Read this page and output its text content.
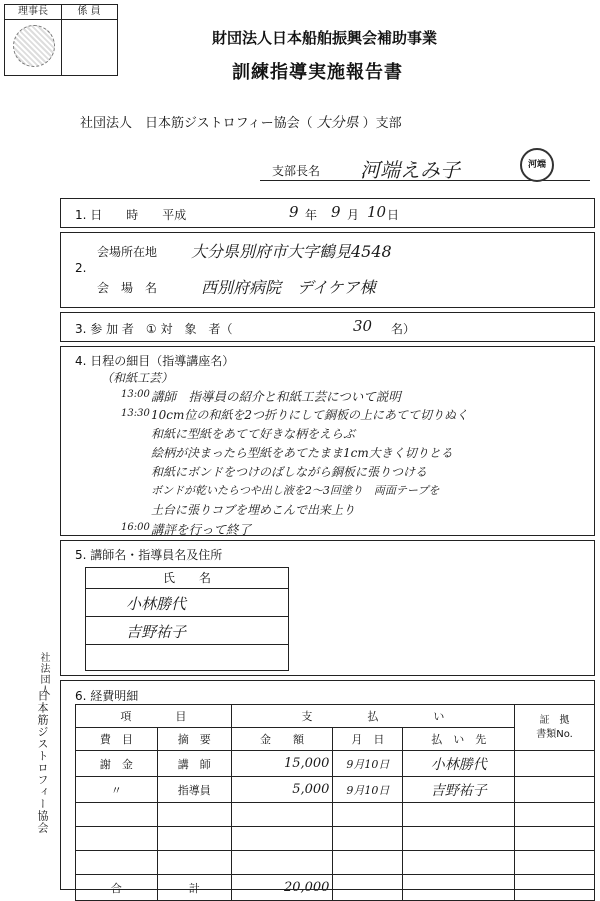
理事長	係 員
財団法人日本船舶振興会補助事業
訓練指導実施報告書
社団法人　日本筋ジストロフィー協会（ 大分県 ）支部
支部長名 河端えみ子	河端
1. 日　　時　　平成	9 年 9 月 10 日
2.
会場所在地 大分県別府市大字鶴見4548
会　場　名	西別府病院　デイケア棟
3. 参 加 者　① 対　象　者（	30 名）
4. 日程の細目（指導講座名）
（和紙工芸）
13:00 講師　指導員の紹介と和紙工芸について説明
13:30 10cm位の和紙を2つ折りにして銅板の上にあてて切りぬく
和紙に型紙をあてて好きな柄をえらぶ
絵柄が決まったら型紙をあてたまま1cm大きく切りとる
和紙にボンドをつけのばしながら銅板に張りつける
ボンドが乾いたらつや出し液を2〜3回塗り　両面テープを
土台に張りコブを埋めこんで出来上り
16:00 講評を行って終了
5. 講師名・指導員名及住所
氏　　名
小林勝代
吉野祐子
社法団人
日本筋ジストロフィー協会 6. 経費明細
項　　　　目		支　　　　　払　　　　　い			証　拠
書類No.
費　目	摘　要	金　　額	月　日	払　い　先	
謝　金	講　師	15,000	9月10日	小林勝代	
〃	指導員	5,000	9月10日	吉野祐子	

合	計	20,000			
